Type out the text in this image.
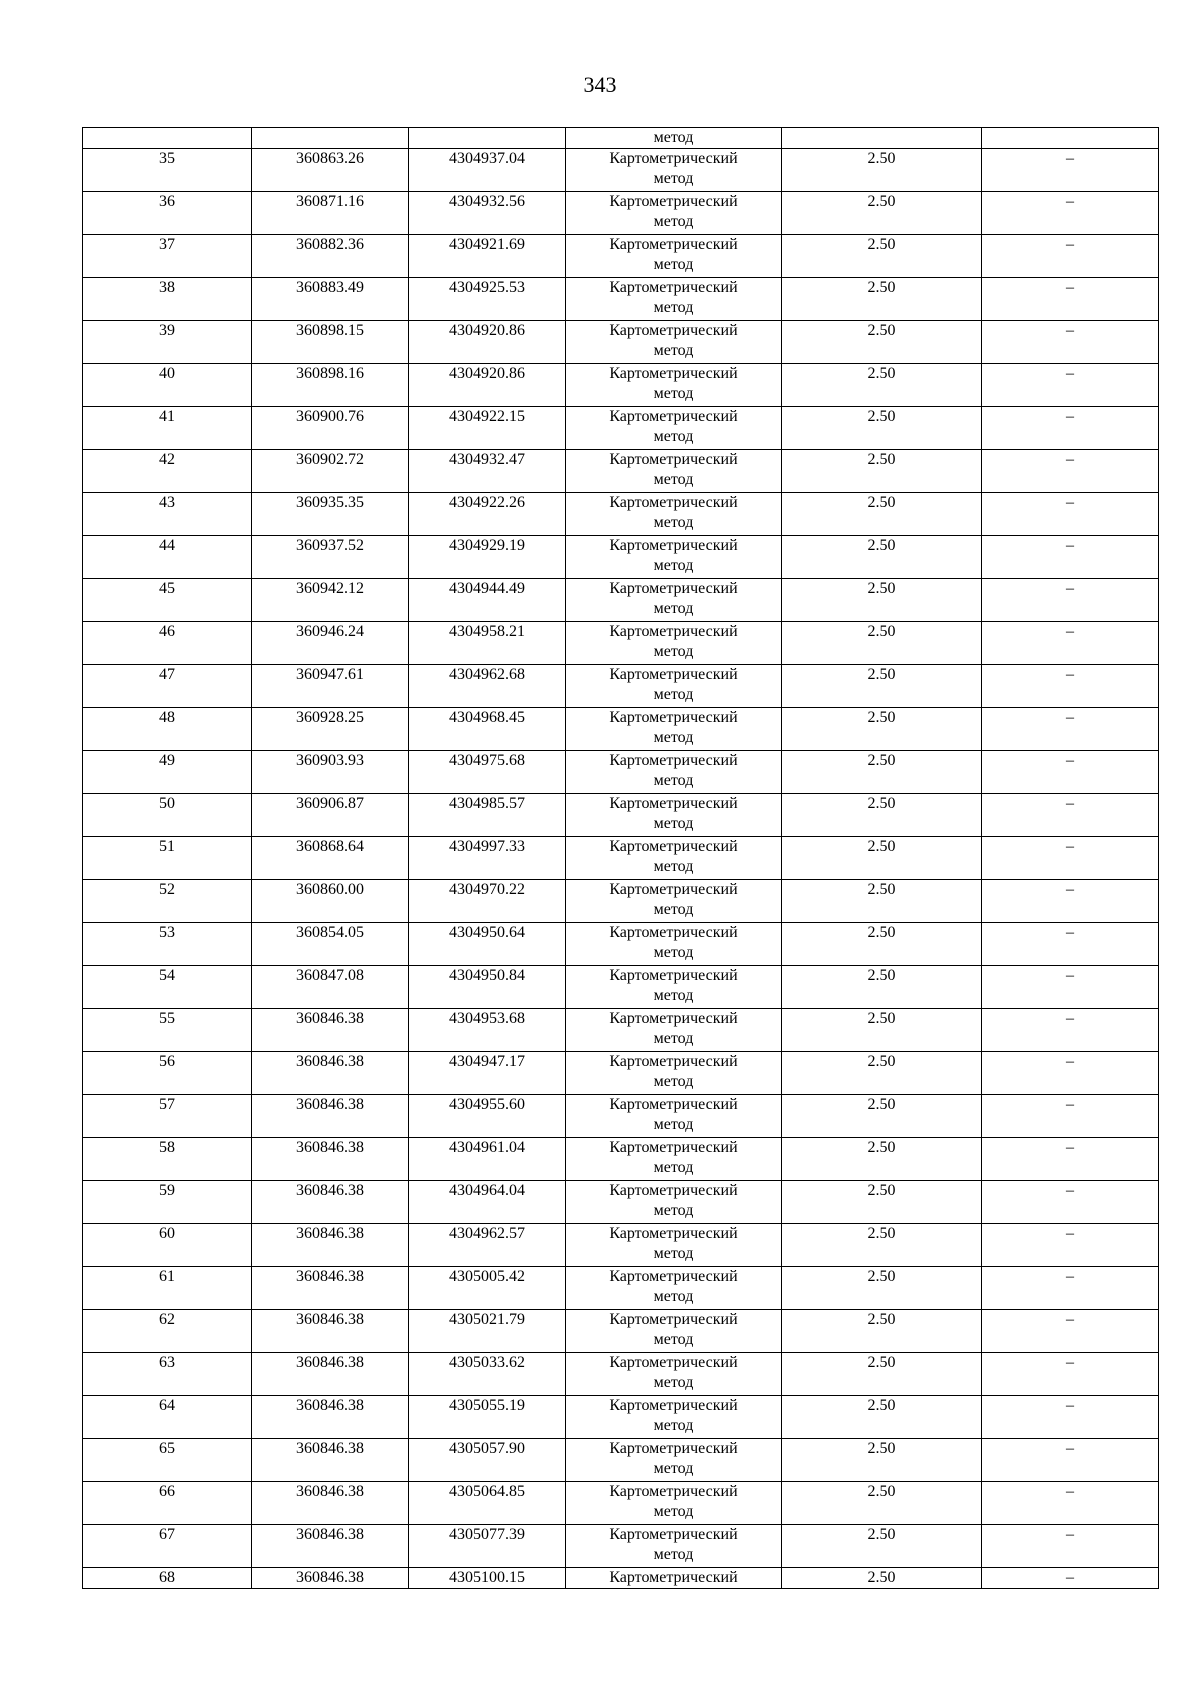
343
			метод		
35	360863.26	4304937.04	Картометрический
метод	2.50	–
36	360871.16	4304932.56	Картометрический
метод	2.50	–
37	360882.36	4304921.69	Картометрический
метод	2.50	–
38	360883.49	4304925.53	Картометрический
метод	2.50	–
39	360898.15	4304920.86	Картометрический
метод	2.50	–
40	360898.16	4304920.86	Картометрический
метод	2.50	–
41	360900.76	4304922.15	Картометрический
метод	2.50	–
42	360902.72	4304932.47	Картометрический
метод	2.50	–
43	360935.35	4304922.26	Картометрический
метод	2.50	–
44	360937.52	4304929.19	Картометрический
метод	2.50	–
45	360942.12	4304944.49	Картометрический
метод	2.50	–
46	360946.24	4304958.21	Картометрический
метод	2.50	–
47	360947.61	4304962.68	Картометрический
метод	2.50	–
48	360928.25	4304968.45	Картометрический
метод	2.50	–
49	360903.93	4304975.68	Картометрический
метод	2.50	–
50	360906.87	4304985.57	Картометрический
метод	2.50	–
51	360868.64	4304997.33	Картометрический
метод	2.50	–
52	360860.00	4304970.22	Картометрический
метод	2.50	–
53	360854.05	4304950.64	Картометрический
метод	2.50	–
54	360847.08	4304950.84	Картометрический
метод	2.50	–
55	360846.38	4304953.68	Картометрический
метод	2.50	–
56	360846.38	4304947.17	Картометрический
метод	2.50	–
57	360846.38	4304955.60	Картометрический
метод	2.50	–
58	360846.38	4304961.04	Картометрический
метод	2.50	–
59	360846.38	4304964.04	Картометрический
метод	2.50	–
60	360846.38	4304962.57	Картометрический
метод	2.50	–
61	360846.38	4305005.42	Картометрический
метод	2.50	–
62	360846.38	4305021.79	Картометрический
метод	2.50	–
63	360846.38	4305033.62	Картометрический
метод	2.50	–
64	360846.38	4305055.19	Картометрический
метод	2.50	–
65	360846.38	4305057.90	Картометрический
метод	2.50	–
66	360846.38	4305064.85	Картометрический
метод	2.50	–
67	360846.38	4305077.39	Картометрический
метод	2.50	–
68	360846.38	4305100.15	Картометрический	2.50	–
